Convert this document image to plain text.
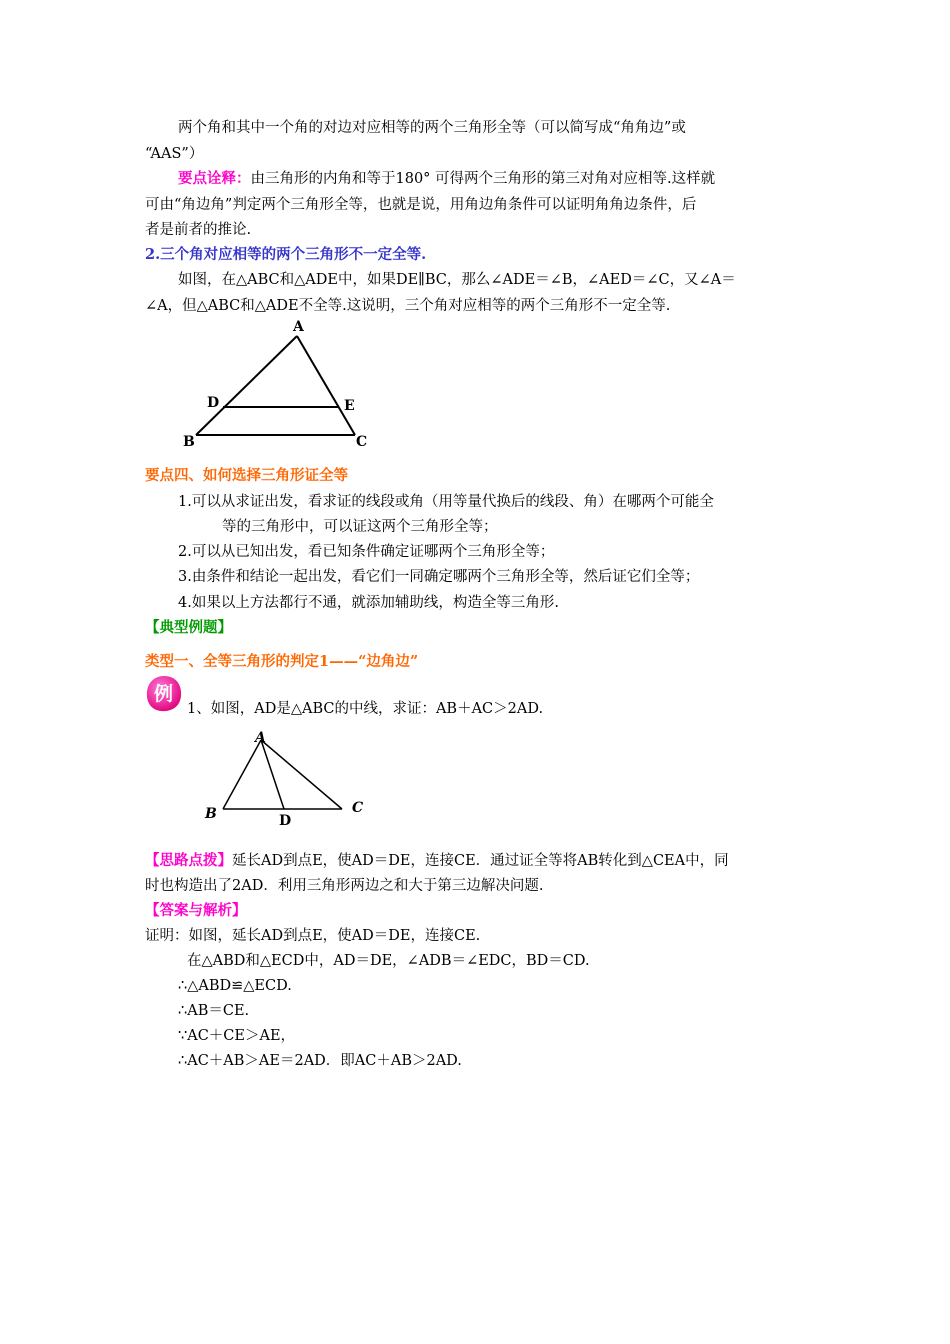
两个角和其中一个角的对边对应相等的两个三角形全等（可以简写成“角角边”或
“AAS”）
要点诠释：由三角形的内角和等于180° 可得两个三角形的第三对角对应相等.这样就
可由“角边角”判定两个三角形全等，也就是说，用角边角条件可以证明角角边条件，后
者是前者的推论.
2.三个角对应相等的两个三角形不一定全等.
如图，在△ABC和△ADE中，如果DE∥BC，那么∠ADE＝∠B，∠AED＝∠C，又∠A＝
∠A，但△ABC和△ADE不全等.这说明，三个角对应相等的两个三角形不一定全等.
A
B	C
D	E
要点四、如何选择三角形证全等
1.可以从求证出发，看求证的线段或角（用等量代换后的线段、角）在哪两个可能全
等的三角形中，可以证这两个三角形全等；
2.可以从已知出发，看已知条件确定证哪两个三角形全等；
3.由条件和结论一起出发，看它们一同确定哪两个三角形全等，然后证它们全等；
4.如果以上方法都行不通，就添加辅助线，构造全等三角形.
【典型例题】
类型一、全等三角形的判定1——“边角边”
例
1、如图，AD是△ABC的中线，求证：AB＋AC＞2AD.
A
B	C
D
【思路点拨】延长AD到点E，使AD＝DE，连接CE．通过证全等将AB转化到△CEA中，同
时也构造出了2AD．利用三角形两边之和大于第三边解决问题.
【答案与解析】
证明：如图，延长AD到点E，使AD＝DE，连接CE.
在△ABD和△ECD中，AD＝DE，∠ADB＝∠EDC，BD＝CD.
∴△ABD≌△ECD.
∴AB＝CE.
∵AC＋CE＞AE，
∴AC＋AB＞AE＝2AD．即AC＋AB＞2AD.
